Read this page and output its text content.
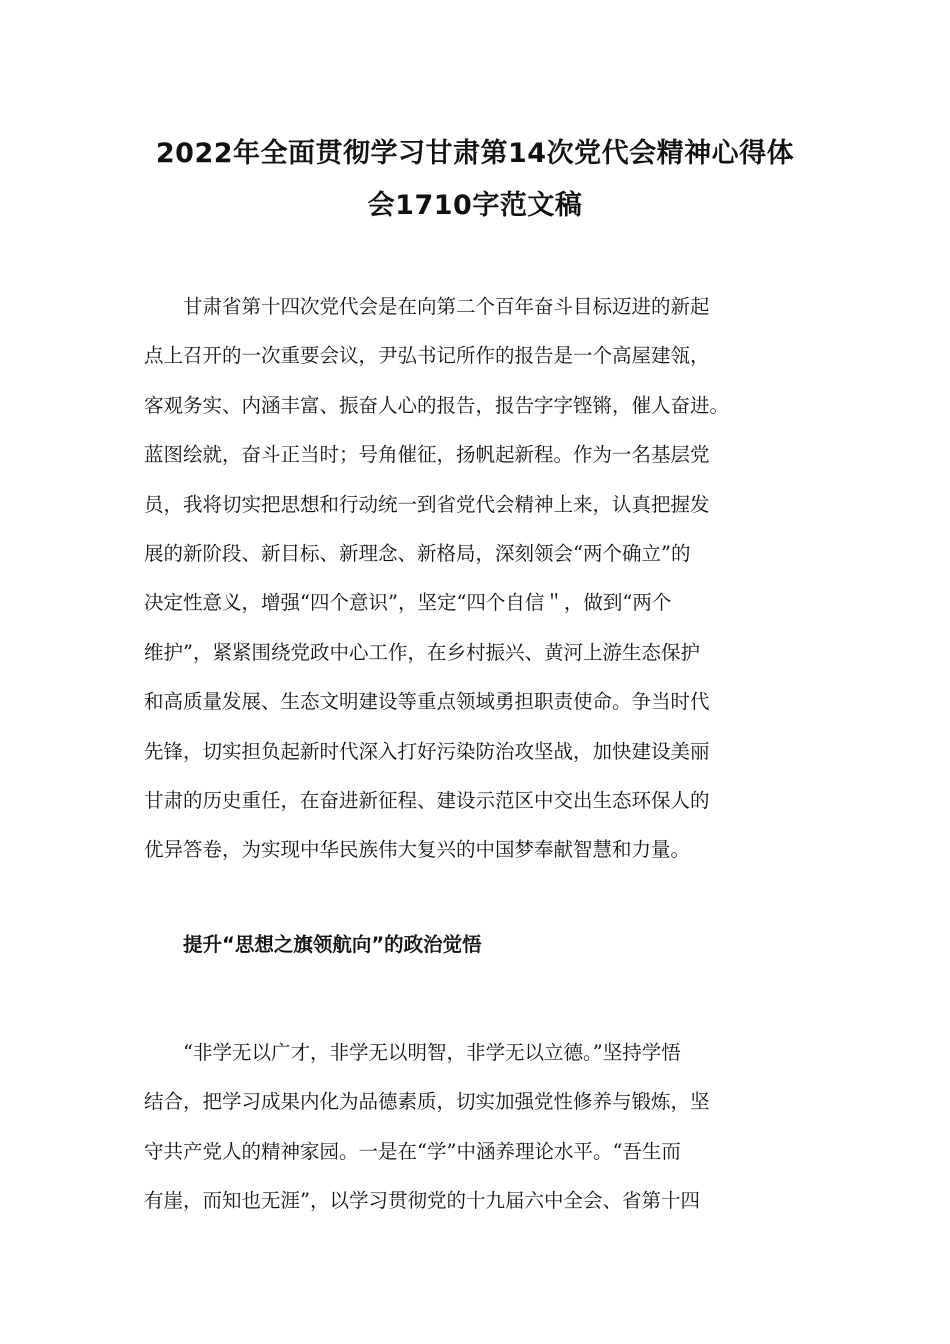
2022年全面贯彻学习甘肃第14次党代会精神心得体
会1710字范文稿
甘肃省第十四次党代会是在向第二个百年奋斗目标迈进的新起
点上召开的一次重要会议，尹弘书记所作的报告是一个高屋建瓴，
客观务实、内涵丰富、振奋人心的报告，报告字字铿锵，催人奋进。
蓝图绘就，奋斗正当时；号角催征，扬帆起新程。作为一名基层党
员，我将切实把思想和行动统一到省党代会精神上来，认真把握发
展的新阶段、新目标、新理念、新格局，深刻领会“两个确立”的
决定性意义，增强“四个意识”，坚定“四个自信＂，做到“两个
维护”，紧紧围绕党政中心工作，在乡村振兴、黄河上游生态保护
和高质量发展、生态文明建设等重点领域勇担职责使命。争当时代
先锋，切实担负起新时代深入打好污染防治攻坚战，加快建设美丽
甘肃的历史重任，在奋进新征程、建设示范区中交出生态环保人的
优异答卷，为实现中华民族伟大复兴的中国梦奉献智慧和力量。
提升“思想之旗领航向”的政治觉悟
“非学无以广才，非学无以明智，非学无以立德。”坚持学悟
结合，把学习成果内化为品德素质，切实加强党性修养与锻炼，坚
守共产党人的精神家园。一是在“学”中涵养理论水平。“吾生而
有崖，而知也无涯”，以学习贯彻党的十九届六中全会、省第十四
